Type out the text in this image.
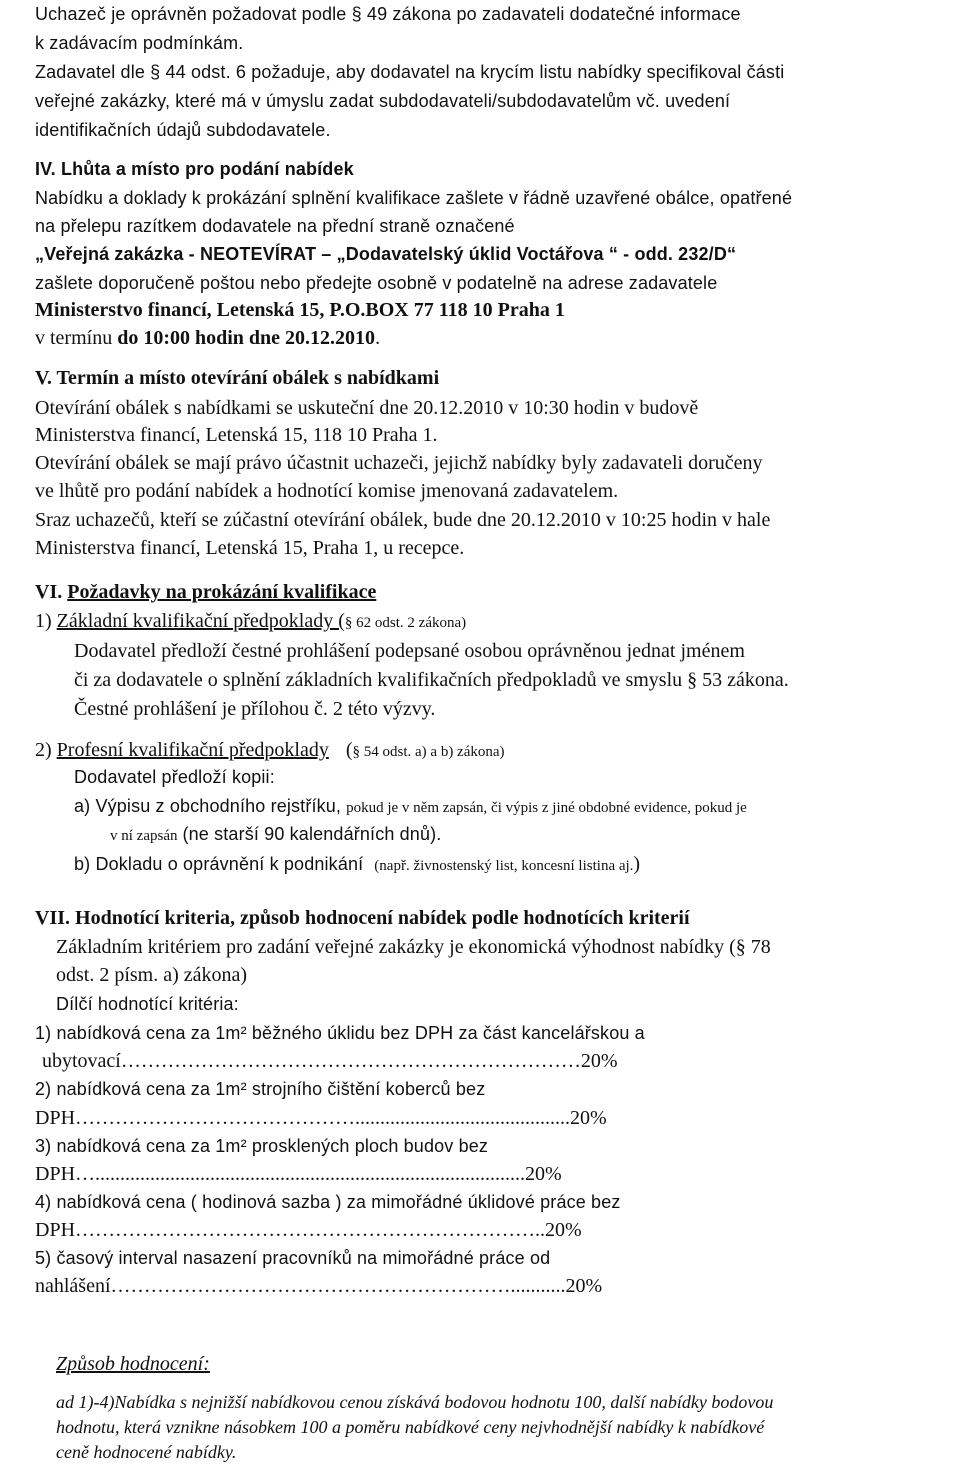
Uchazeč je oprávněn požadovat podle § 49 zákona po zadavateli dodatečné informace
k zadávacím podmínkám.
Zadavatel dle § 44 odst. 6 požaduje, aby dodavatel na krycím listu nabídky specifikoval části
veřejné zakázky, které má v úmyslu zadat subdodavateli/subdodavatelům vč. uvedení
identifikačních údajů subdodavatele.
IV. Lhůta a místo pro podání nabídek
Nabídku a doklady k prokázání splnění kvalifikace zašlete v řádně uzavřené obálce, opatřené
na přelepu razítkem dodavatele na přední straně označené
„Veřejná zakázka - NEOTEVÍRAT – „Dodavatelský úklid Voctářova “ - odd. 232/D“
zašlete doporučeně poštou nebo předejte osobně v podatelně na adrese zadavatele
Ministerstvo financí, Letenská 15, P.O.BOX 77 118 10 Praha 1
v termínu do 10:00 hodin dne 20.12.2010.
V. Termín a místo otevírání obálek s nabídkami
Otevírání obálek s nabídkami se uskuteční dne 20.12.2010 v 10:30 hodin v budově
Ministerstva financí, Letenská 15, 118 10 Praha 1.
Otevírání obálek se mají právo účastnit uchazeči, jejichž nabídky byly zadavateli doručeny
ve lhůtě pro podání nabídek a hodnotící komise jmenovaná zadavatelem.
Sraz uchazečů, kteří se zúčastní otevírání obálek, bude dne 20.12.2010 v 10:25 hodin v hale
Ministerstva financí, Letenská 15, Praha 1, u recepce.
VI. Požadavky na prokázání kvalifikace
1) Základní kvalifikační předpoklady (§ 62 odst. 2 zákona)
Dodavatel předloží čestné prohlášení podepsané osobou oprávněnou jednat jménem
či za dodavatele o splnění základních kvalifikačních předpokladů ve smyslu § 53 zákona.
Čestné prohlášení je přílohou č. 2 této výzvy.
2) Profesní kvalifikační předpoklady (§ 54 odst. a) a b) zákona)
Dodavatel předloží kopii:
a) Výpisu z obchodního rejstříku, pokud je v něm zapsán, či výpis z jiné obdobné evidence, pokud je
v ní zapsán (ne starší 90 kalendářních dnů).
b) Dokladu o oprávnění k podnikání (např. živnostenský list, koncesní listina aj.)
VII. Hodnotící kriteria, způsob hodnocení nabídek podle hodnotících kriterií
Základním kritériem pro zadání veřejné zakázky je ekonomická výhodnost nabídky (§ 78
odst. 2 písm. a) zákona)
Dílčí hodnotící kritéria:
1) nabídková cena za 1m² běžného úklidu bez DPH za část kancelářskou a
ubytovací……………………………………………………………20%
2) nabídková cena za 1m² strojního čištění koberců bez
DPH……………………………………...........................................20%
3) nabídková cena za 1m² prosklených ploch budov bez
DPH…......................................................................................20%
4) nabídková cena ( hodinová sazba ) za mimořádné úklidové práce bez
DPH……………………………………………………………..20%
5) časový interval nasazení pracovníků na mimořádné práce od
nahlášení……………………………………………………...........20%
Způsob hodnocení:
ad 1)-4)Nabídka s nejnižší nabídkovou cenou získává bodovou hodnotu 100, další nabídky bodovou
hodnotu, která vznikne násobkem 100 a poměru nabídkové ceny nejvhodnější nabídky k nabídkové
ceně hodnocené nabídky.
